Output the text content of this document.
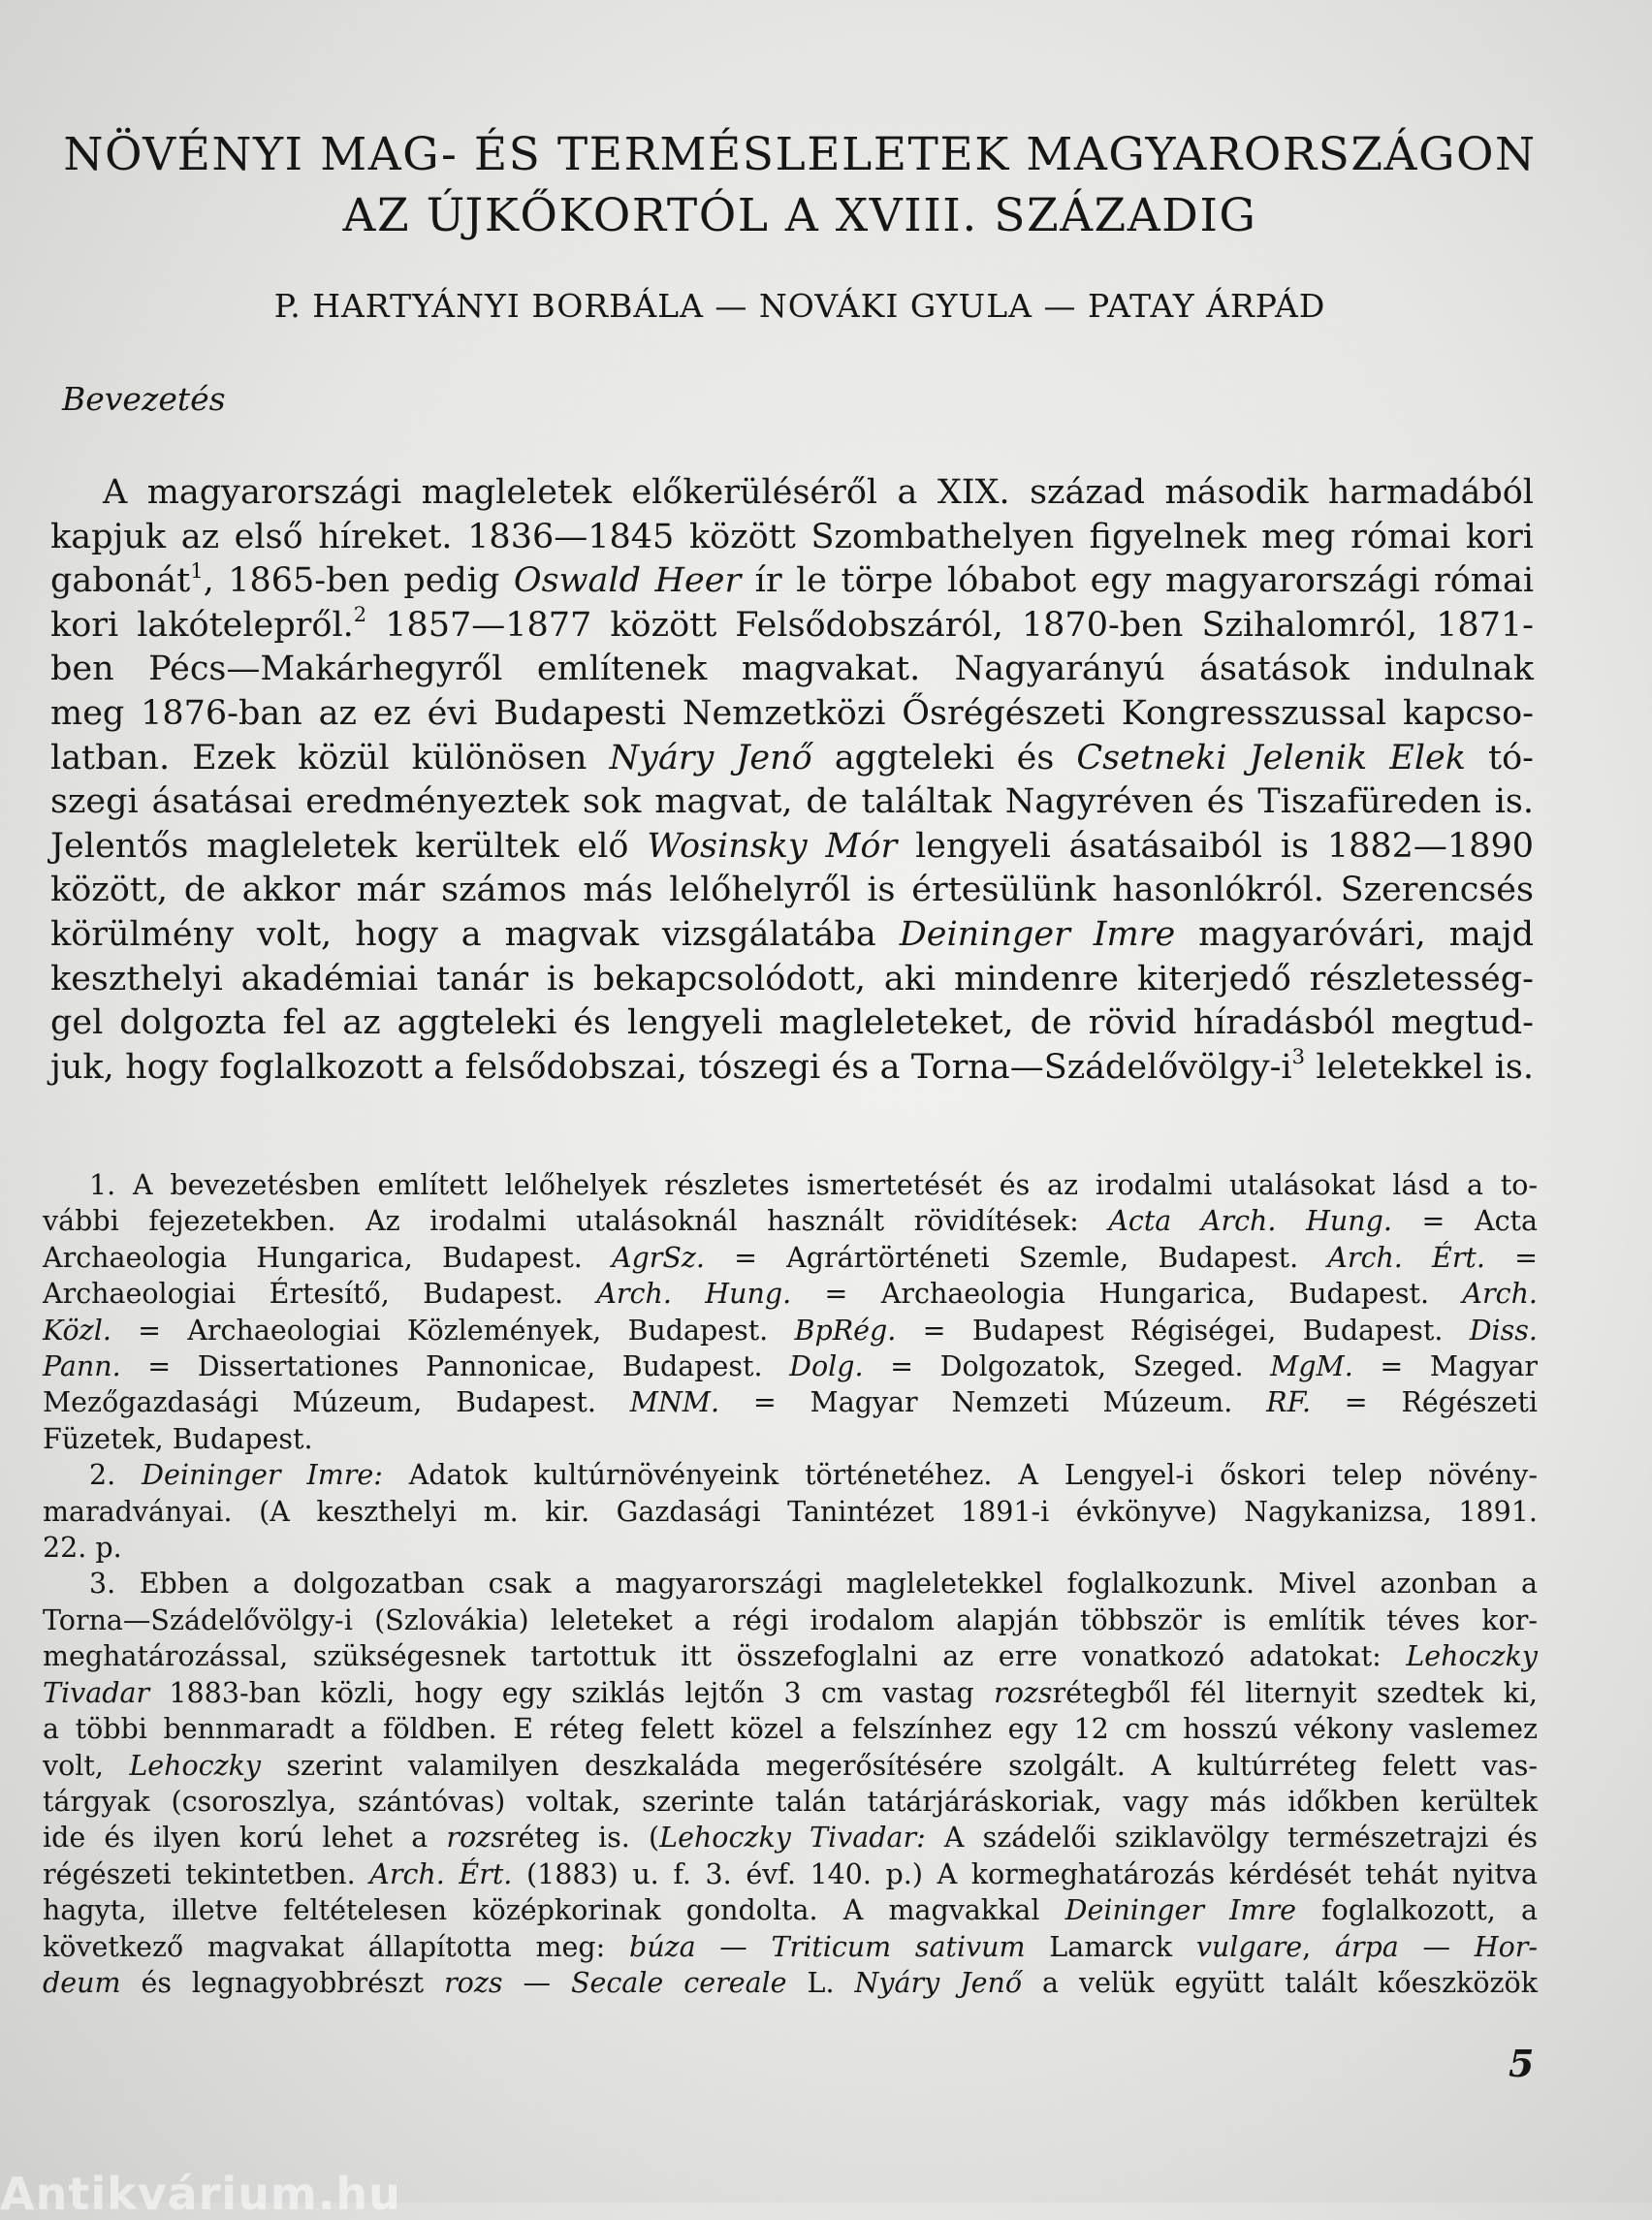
NÖVÉNYI MAG- ÉS TERMÉSLELETEK MAGYARORSZÁGON
AZ ÚJKŐKORTÓL A XVIII. SZÁZADIG

P. HARTYÁNYI BORBÁLA — NOVÁKI GYULA — PATAY ÁRPÁD

Bevezetés

A magyarországi magleletek előkerüléséről a XIX. század második harmadából
kapjuk az első híreket. 1836—1845 között Szombathelyen figyelnek meg római kori
gabonát$^1$, 1865-ben pedig Oswald Heer ír le törpe lóbabot egy magyarországi római
kori lakótelepről.$^2$ 1857—1877 között Felsődobszáról, 1870-ben Szihalomról, 1871-
ben Pécs—Makárhegyről említenek magvakat. Nagyarányú ásatások indulnak
meg 1876-ban az ez évi Budapesti Nemzetközi Ősrégészeti Kongresszussal kapcso-
latban. Ezek közül különösen Nyáry Jenő aggteleki és Csetneki Jelenik Elek tó-
szegi ásatásai eredményeztek sok magvat, de találtak Nagyréven és Tiszafüreden is.
Jelentős magleletek kerültek elő Wosinsky Mór lengyeli ásatásaiból is 1882—1890
között, de akkor már számos más lelőhelyről is értesülünk hasonlókról. Szerencsés
körülmény volt, hogy a magvak vizsgálatába Deininger Imre magyaróvári, majd
keszthelyi akadémiai tanár is bekapcsolódott, aki mindenre kiterjedő részletesség-
gel dolgozta fel az aggteleki és lengyeli magleleteket, de rövid híradásból megtud-
juk, hogy foglalkozott a felsődobszai, tószegi és a $Torna—Szádelővö\lg y-i^3$ leletekkel is.
1. A bevezetésben említett lelőhelyek részletes ismertetését és az irodalmi utalásokat lásd a to-
vábbi fejezetekben. Az irodalmi utalásoknál használt rövidítések: Acta Arch. Hung. = Acta
Archaeologia Hungarica, Budapest. AgrSz. = Agrártörténeti Szemle, Budapest. Arch. Ért. =
Archaeologiai Értesítő, Budapest. Arch. Hung. = Archaeologia Hungarica, Budapest. Arch.
Közl. = Archaeologiai Közlemények, Budapest. BpRég. = Budapest Régiségei, Budapest. Diss.
Pann. = Dissertationes Pannonicae, Budapest. Dolg. = Dolgozatok, Szeged. MgM. = Magyar
Mezőgazdasági Múzeum, Budapest. MNM. = Magyar Nemzeti Múzeum. RF. = Régészeti
Füzetek, Budapest.
2. Deininger Imre: Adatok kultúrnövényeink történetéhez. A Lengyel-i őskori telep növény-
maradványai. (A keszthelyi m. kir. Gazdasági Tanintézet 1891-i évkönyve) Nagykanizsa, 1891.
22. p.
3. Ebben a dolgozatban csak a magyarországi magleletekkel foglalkozunk. Mivel azonban a
Torna—Szádelővölgy-i (Szlovákia) leleteket a régi irodalom alapján többször is említik téves kor-
meghatározással, szükségesnek tartottuk itt összefoglalni az erre vonatkozó adatokat: Lehoczky
Tivadar 1883-ban közli, hogy egy sziklás lejtőn 3 cm vastag rozsrétegből fél liternyit szedtek ki,
a többi bennmaradt a földben. E réteg felett közel a felszínhez egy 12 cm hosszú vékony vaslemez
volt, Lehoczky szerint valamilyen deszkaláda megerősítésére szolgált. A kultúrréteg felett vas-
tárgyak (csoroszlya, szántóvas) voltak, szerinte talán tatárjáráskoriak, vagy más időkben kerültek
ide és ilyen korú lehet a rozsréteg is. (Lehoczky Tivadar: A szádelői sziklavölgy természetrajzi és
régészeti tekintetben. Arch. Ért. (1883) u. f. 3. évf. 140. p.) A kormeghatározás kérdését tehát nyitva
hagyta, illetve feltételesen középkorinak gondolta. A magvakkal Deininger Imre foglalkozott, a
következő magvakat állapította meg: búza — Triticum sativum Lamarck vulgare, árpa — Hor-
deum és legnagyobbrészt rozs — Secale cereale L. Nyáry Jenő a velük együtt talált kőeszközök
5
Antikvárium.hu
